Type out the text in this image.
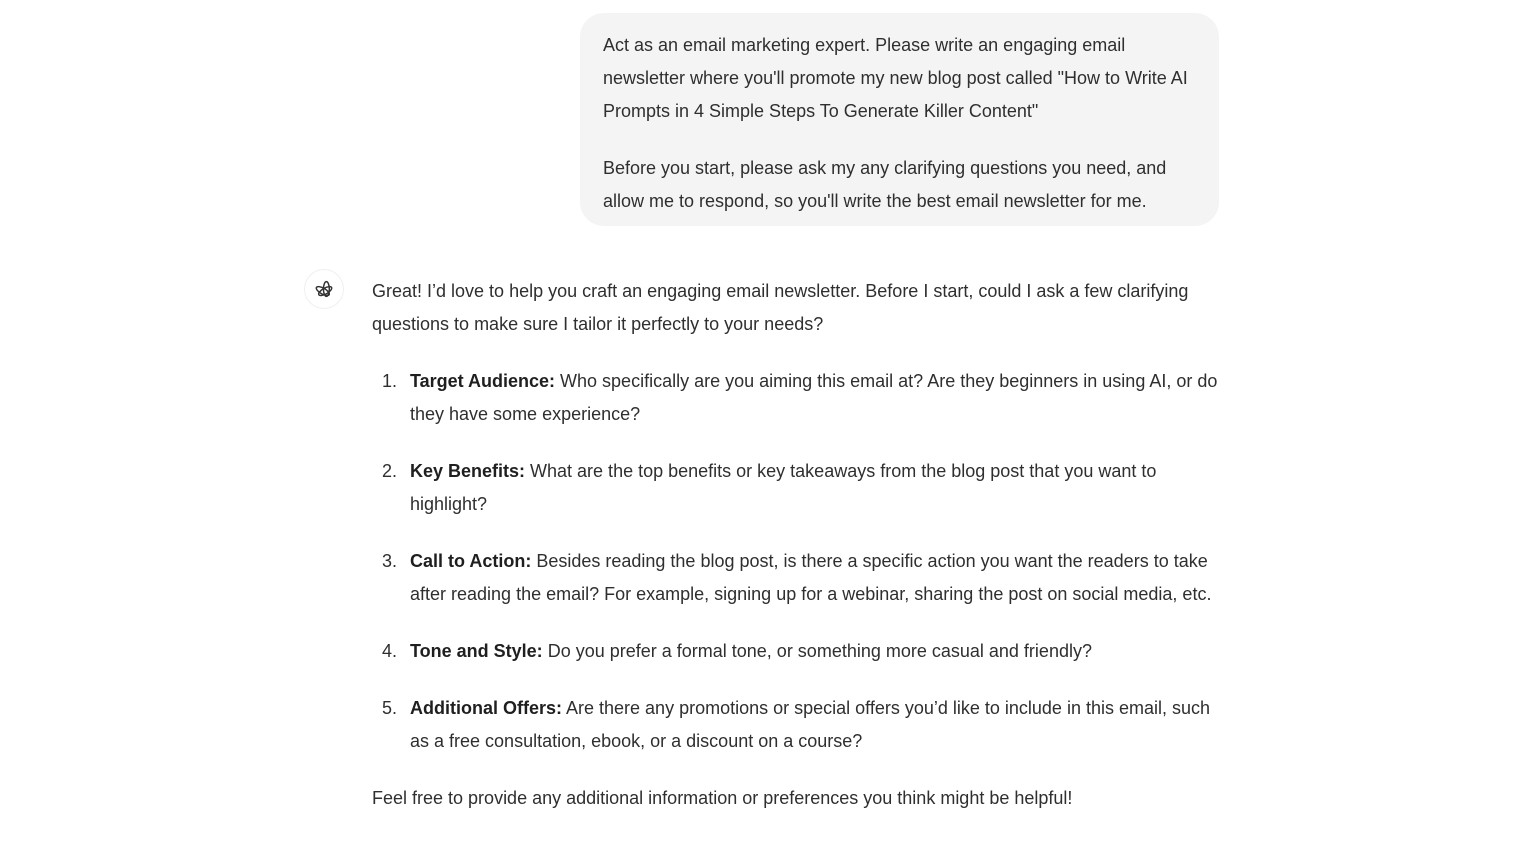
Act as an email marketing expert. Please write an engaging email newsletter where you'll promote my new blog post called "How to Write AI Prompts in 4 Simple Steps To Generate Killer Content"

Before you start, please ask my any clarifying questions you need, and allow me to respond, so you'll write the best email newsletter for me.

Great! I’d love to help you craft an engaging email newsletter. Before I start, could I ask a few clarifying questions to make sure I tailor it perfectly to your needs?

1. Target Audience: Who specifically are you aiming this email at? Are they beginners in using AI, or do they have some experience?
2. Key Benefits: What are the top benefits or key takeaways from the blog post that you want to highlight?
3. Call to Action: Besides reading the blog post, is there a specific action you want the readers to take after reading the email? For example, signing up for a webinar, sharing the post on social media, etc.
4. Tone and Style: Do you prefer a formal tone, or something more casual and friendly?
5. Additional Offers: Are there any promotions or special offers you’d like to include in this email, such as a free consultation, ebook, or a discount on a course?

Feel free to provide any additional information or preferences you think might be helpful!
